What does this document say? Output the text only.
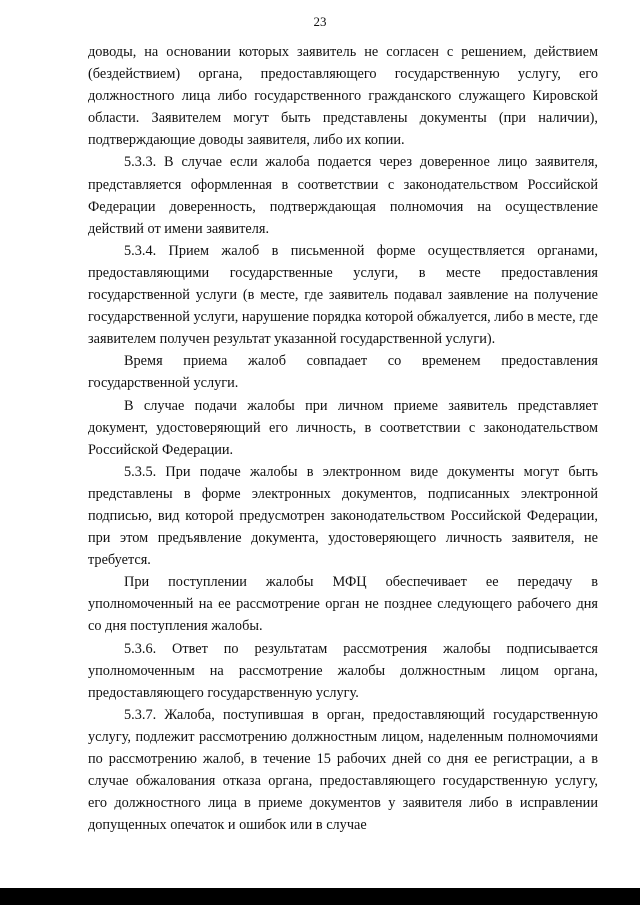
23

доводы, на основании которых заявитель не согласен с решением, действием (бездействием) органа, предоставляющего государственную услугу, его должностного лица либо государственного гражданского служащего Кировской области. Заявителем могут быть представлены документы (при наличии), подтверждающие доводы заявителя, либо их копии.

5.3.3. В случае если жалоба подается через доверенное лицо заявителя, представляется оформленная в соответствии с законодательством Российской Федерации доверенность, подтверждающая полномочия на осуществление действий от имени заявителя.

5.3.4. Прием жалоб в письменной форме осуществляется органами, предоставляющими государственные услуги, в месте предоставления государственной услуги (в месте, где заявитель подавал заявление на получение государственной услуги, нарушение порядка которой обжалуется, либо в месте, где заявителем получен результат указанной государственной услуги).

Время приема жалоб совпадает со временем предоставления государственной услуги.

В случае подачи жалобы при личном приеме заявитель представляет документ, удостоверяющий его личность, в соответствии с законодательством Российской Федерации.

5.3.5. При подаче жалобы в электронном виде документы могут быть представлены в форме электронных документов, подписанных электронной подписью, вид которой предусмотрен законодательством Российской Федерации, при этом предъявление документа, удостоверяющего личность заявителя, не требуется.

При поступлении жалобы МФЦ обеспечивает ее передачу в уполномоченный на ее рассмотрение орган не позднее следующего рабочего дня со дня поступления жалобы.

5.3.6. Ответ по результатам рассмотрения жалобы подписывается уполномоченным на рассмотрение жалобы должностным лицом органа, предоставляющего государственную услугу.

5.3.7. Жалоба, поступившая в орган, предоставляющий государственную услугу, подлежит рассмотрению должностным лицом, наделенным полномочиями по рассмотрению жалоб, в течение 15 рабочих дней со дня ее регистрации, а в случае обжалования отказа органа, предоставляющего государственную услугу, его должностного лица в приеме документов у заявителя либо в исправлении допущенных опечаток и ошибок или в случае
